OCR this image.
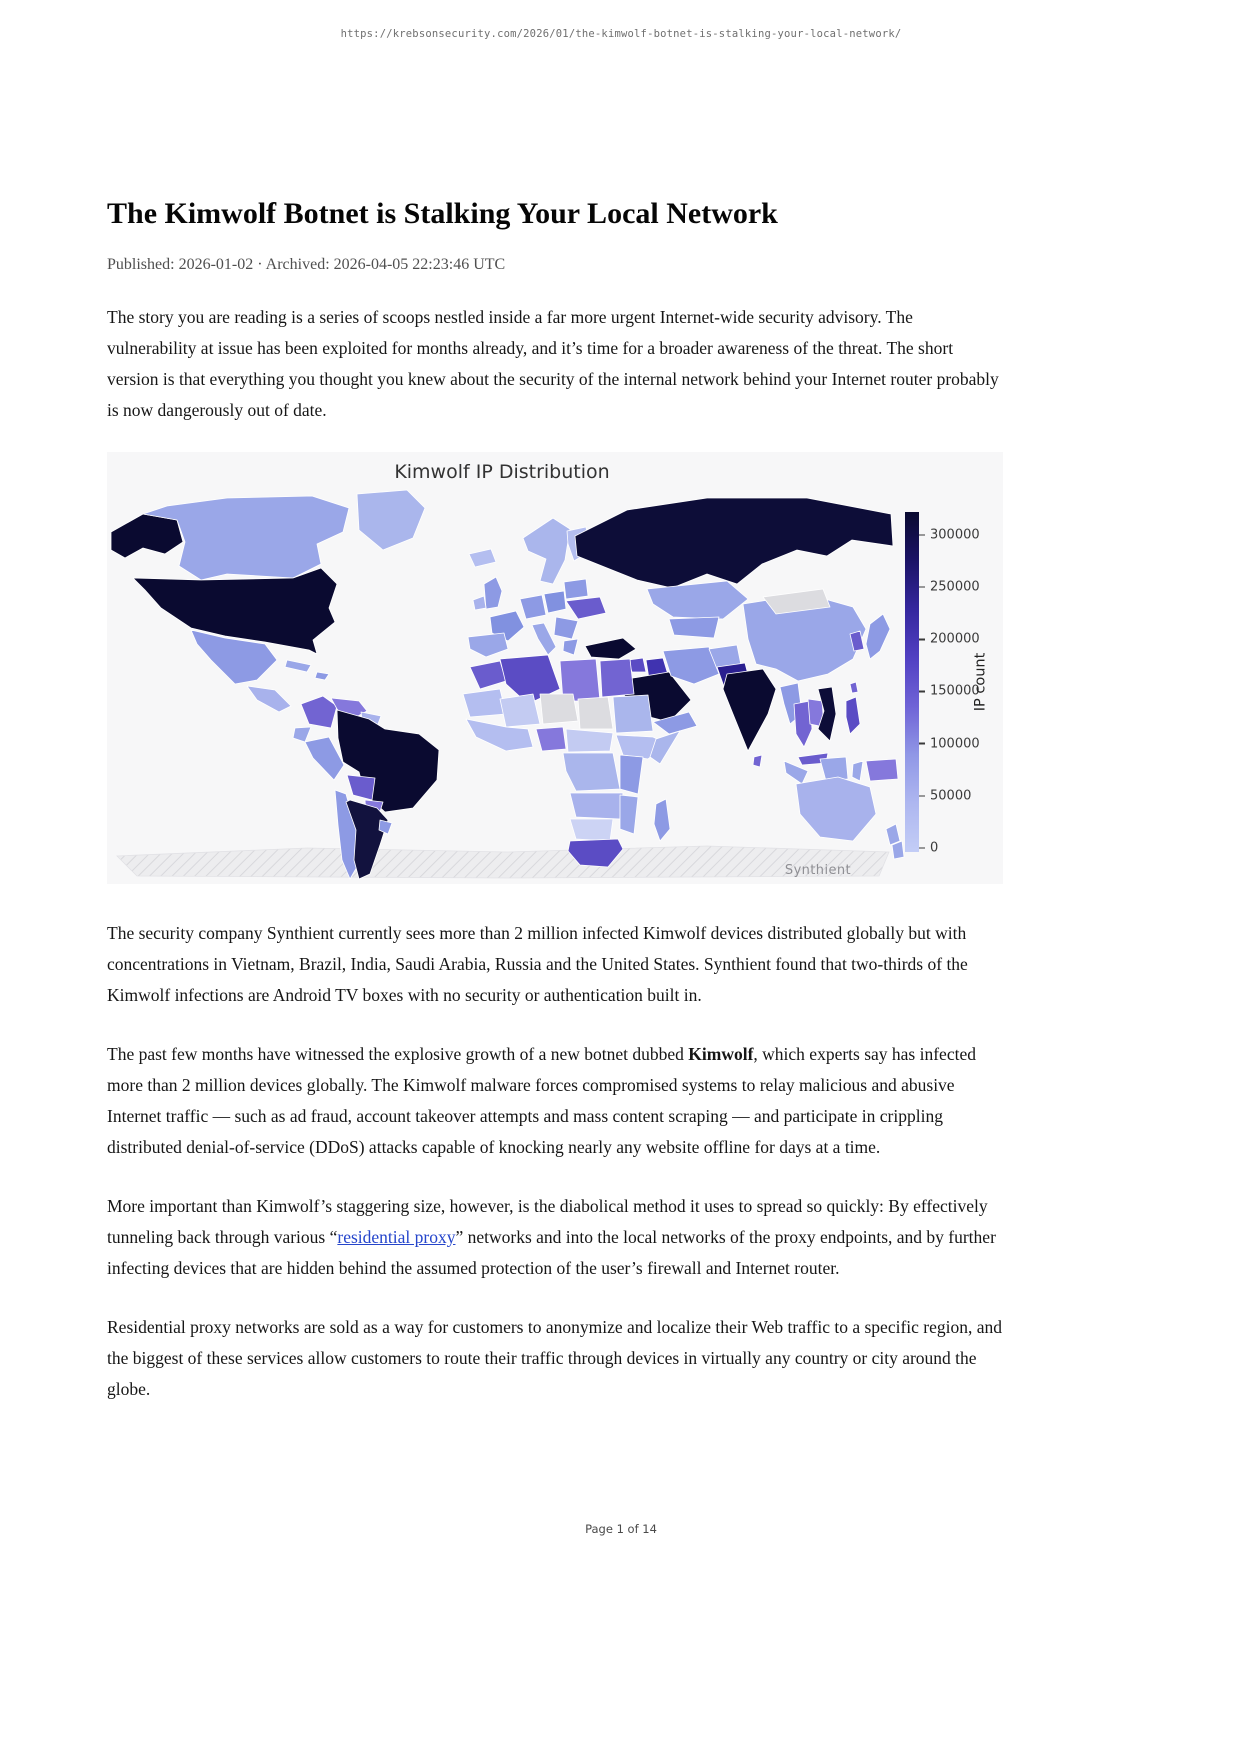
https://krebsonsecurity.com/2026/01/the-kimwolf-botnet-is-stalking-your-local-network/
The Kimwolf Botnet is Stalking Your Local Network
Published: 2026-01-02 · Archived: 2026-04-05 22:23:46 UTC

The story you are reading is a series of scoops nestled inside a far more urgent Internet-wide security advisory. The vulnerability at issue has been exploited for months already, and it’s time for a broader awareness of the threat. The short version is that everything you thought you knew about the security of the internal network behind your Internet router probably is now dangerously out of date.

Kimwolf IP Distribution
0
50000
100000
150000
200000
250000
300000
IP count
Synthient

The security company Synthient currently sees more than 2 million infected Kimwolf devices distributed globally but with concentrations in Vietnam, Brazil, India, Saudi Arabia, Russia and the United States. Synthient found that two-thirds of the Kimwolf infections are Android TV boxes with no security or authentication built in.

The past few months have witnessed the explosive growth of a new botnet dubbed Kimwolf, which experts say has infected more than 2 million devices globally. The Kimwolf malware forces compromised systems to relay malicious and abusive Internet traffic — such as ad fraud, account takeover attempts and mass content scraping — and participate in crippling distributed denial-of-service (DDoS) attacks capable of knocking nearly any website offline for days at a time.

More important than Kimwolf’s staggering size, however, is the diabolical method it uses to spread so quickly: By effectively tunneling back through various “residential proxy” networks and into the local networks of the proxy endpoints, and by further infecting devices that are hidden behind the assumed protection of the user’s firewall and Internet router.

Residential proxy networks are sold as a way for customers to anonymize and localize their Web traffic to a specific region, and the biggest of these services allow customers to route their traffic through devices in virtually any country or city around the globe.

Page 1 of 14
